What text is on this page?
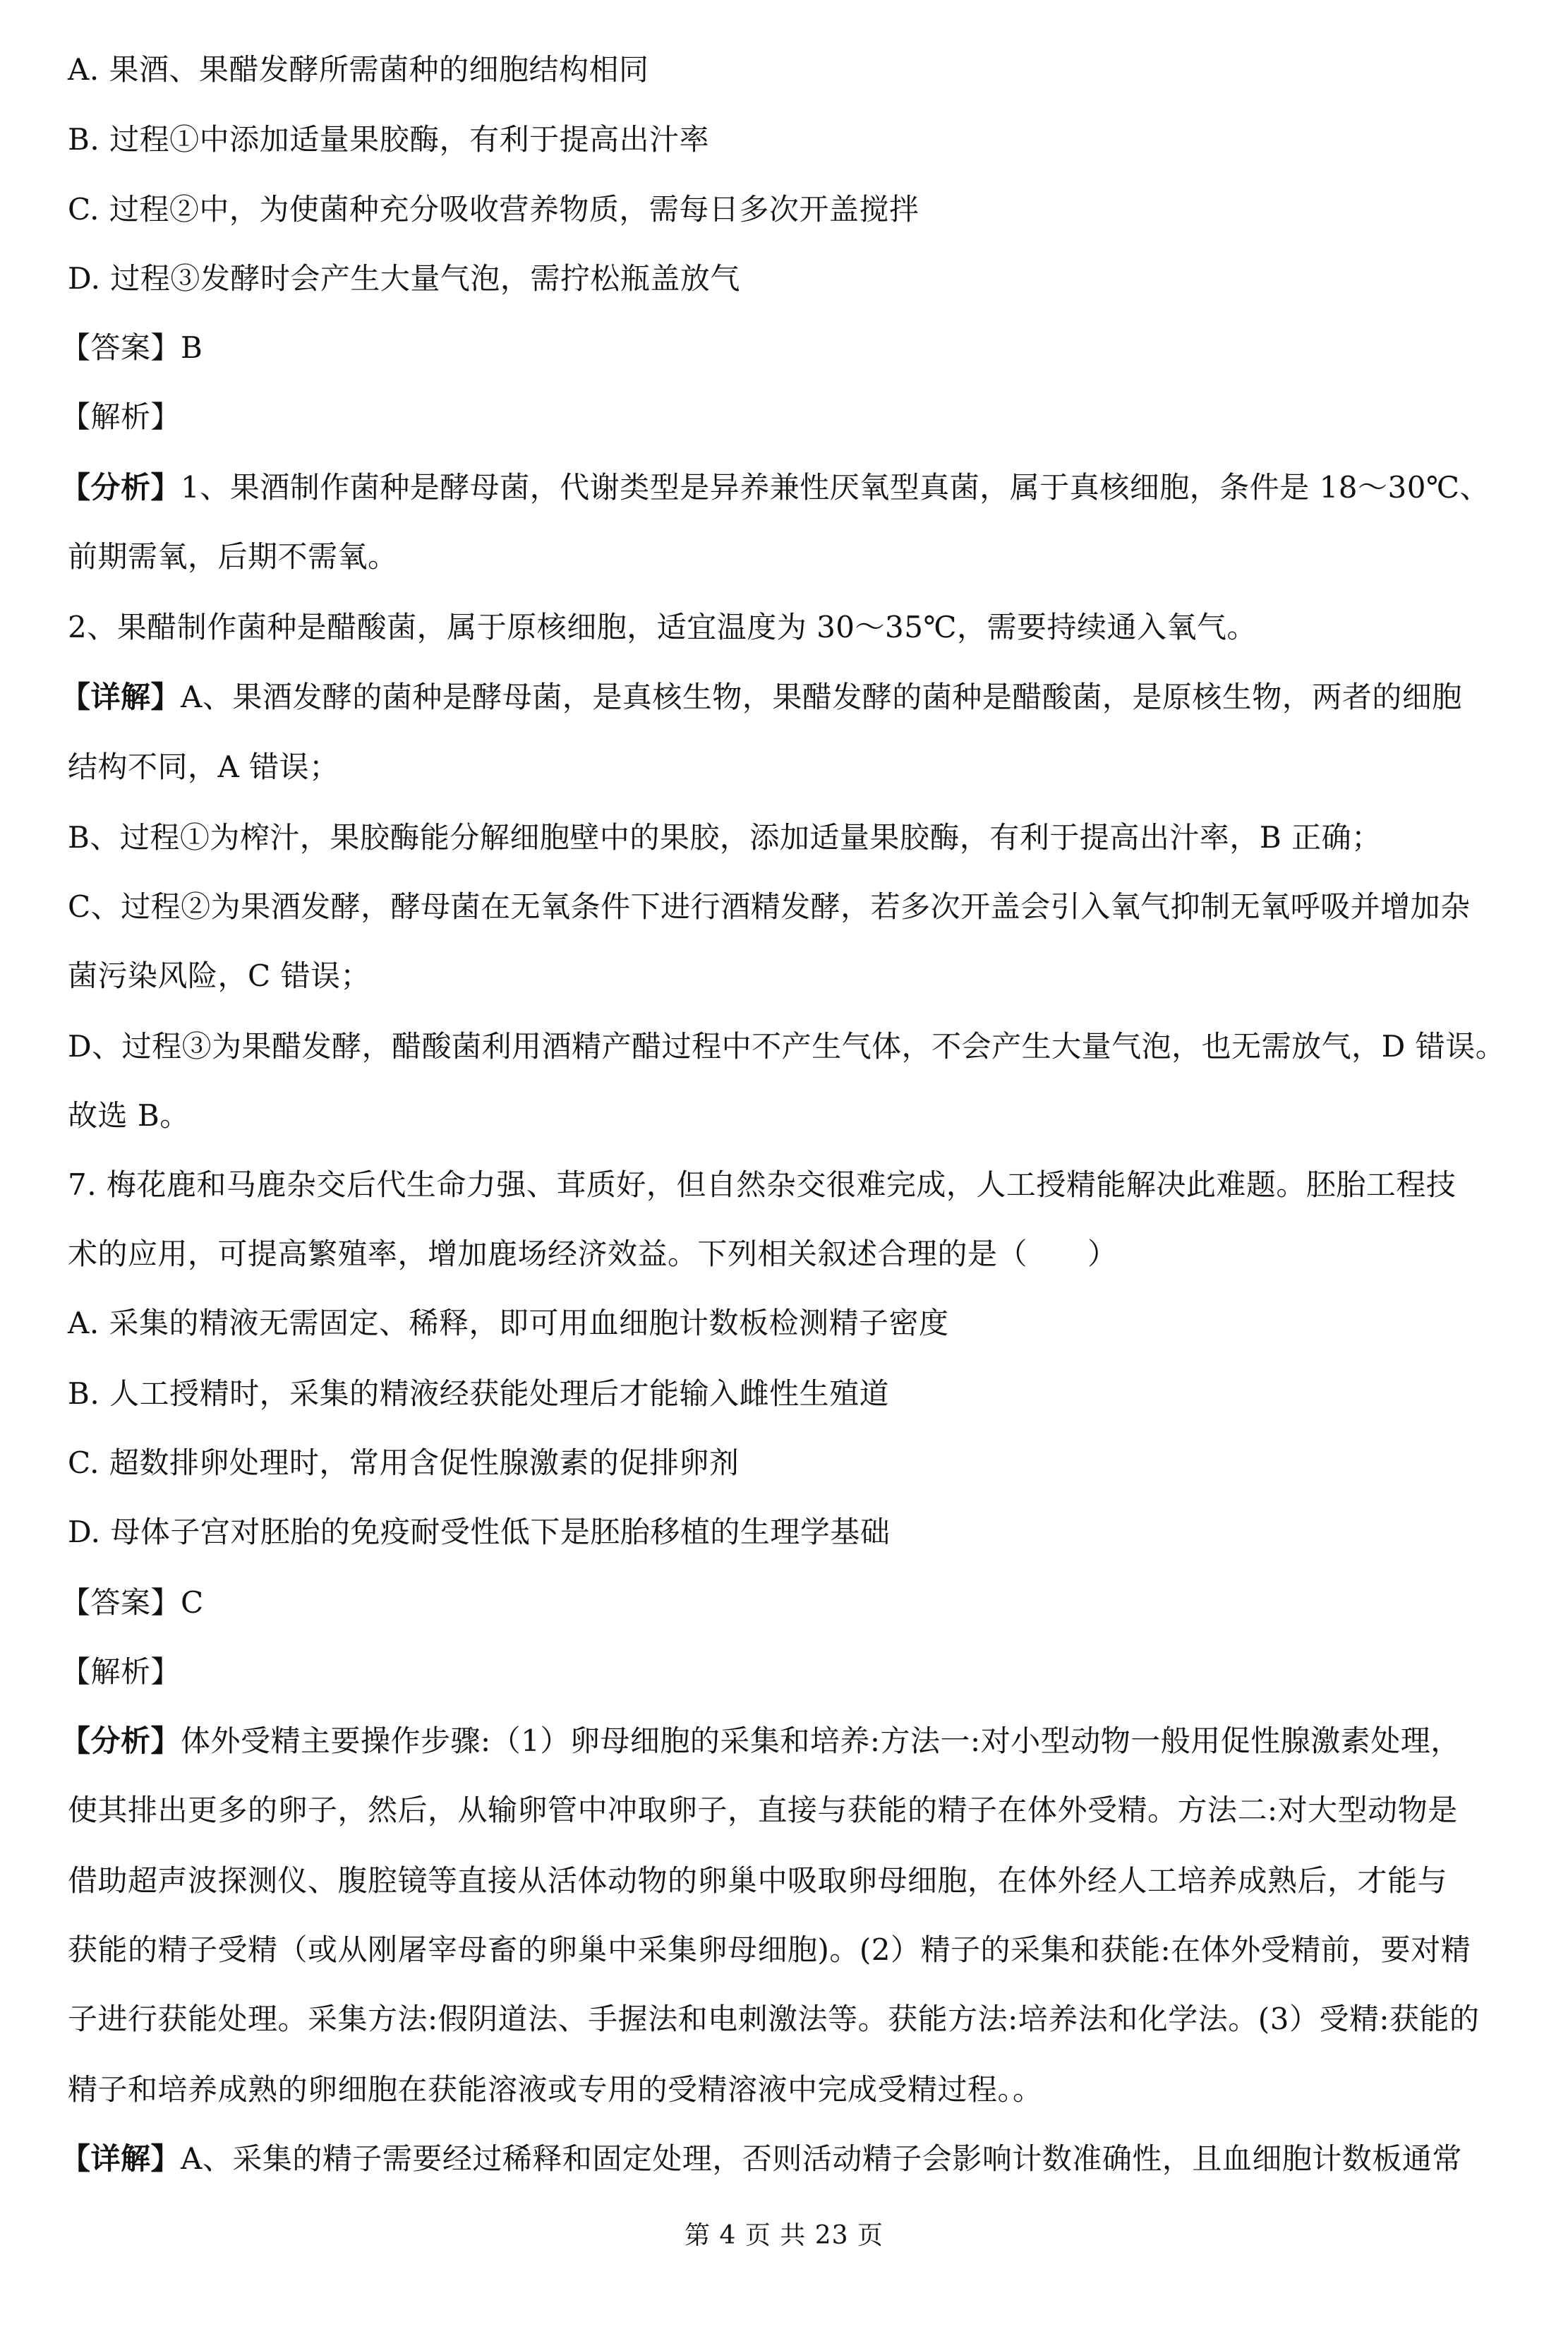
A. 果酒、果醋发酵所需菌种的细胞结构相同
B. 过程①中添加适量果胶酶，有利于提高出汁率
C. 过程②中，为使菌种充分吸收营养物质，需每日多次开盖搅拌
D. 过程③发酵时会产生大量气泡，需拧松瓶盖放气
【答案】B
【解析】
【分析】1、果酒制作菌种是酵母菌，代谢类型是异养兼性厌氧型真菌，属于真核细胞，条件是 18～30℃、
前期需氧，后期不需氧。
2、果醋制作菌种是醋酸菌，属于原核细胞，适宜温度为 30～35℃，需要持续通入氧气。
【详解】A、果酒发酵的菌种是酵母菌，是真核生物，果醋发酵的菌种是醋酸菌，是原核生物，两者的细胞
结构不同，A 错误；
B、过程①为榨汁，果胶酶能分解细胞壁中的果胶，添加适量果胶酶，有利于提高出汁率，B 正确；
C、过程②为果酒发酵，酵母菌在无氧条件下进行酒精发酵，若多次开盖会引入氧气抑制无氧呼吸并增加杂
菌污染风险，C 错误；
D、过程③为果醋发酵，醋酸菌利用酒精产醋过程中不产生气体，不会产生大量气泡，也无需放气，D 错误。
故选 B。
7. 梅花鹿和马鹿杂交后代生命力强、茸质好，但自然杂交很难完成，人工授精能解决此难题。胚胎工程技
术的应用，可提高繁殖率，增加鹿场经济效益。下列相关叙述合理的是（　　）
A. 采集的精液无需固定、稀释，即可用血细胞计数板检测精子密度
B. 人工授精时，采集的精液经获能处理后才能输入雌性生殖道
C. 超数排卵处理时，常用含促性腺激素的促排卵剂
D. 母体子宫对胚胎的免疫耐受性低下是胚胎移植的生理学基础
【答案】C
【解析】
【分析】体外受精主要操作步骤:（1）卵母细胞的采集和培养:方法一:对小型动物一般用促性腺激素处理，
使其排出更多的卵子，然后，从输卵管中冲取卵子，直接与获能的精子在体外受精。方法二:对大型动物是
借助超声波探测仪、腹腔镜等直接从活体动物的卵巢中吸取卵母细胞，在体外经人工培养成熟后，才能与
获能的精子受精（或从刚屠宰母畜的卵巢中采集卵母细胞)。(2）精子的采集和获能:在体外受精前，要对精
子进行获能处理。采集方法:假阴道法、手握法和电刺激法等。获能方法:培养法和化学法。(3）受精:获能的
精子和培养成熟的卵细胞在获能溶液或专用的受精溶液中完成受精过程。。
【详解】A、采集的精子需要经过稀释和固定处理，否则活动精子会影响计数准确性，且血细胞计数板通常
第 4 页 共 23 页
